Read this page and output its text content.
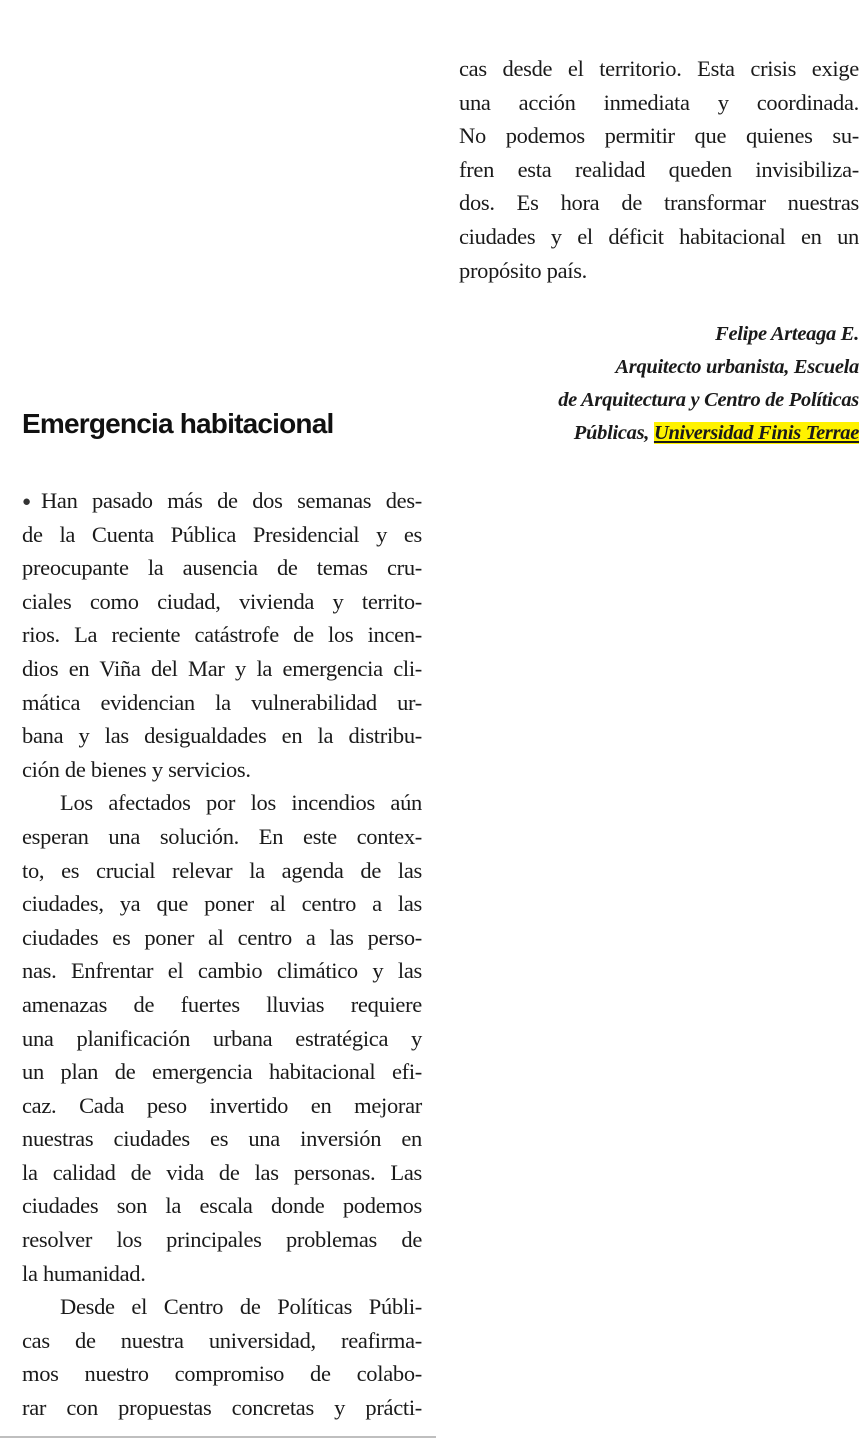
cas desde el territorio. Esta crisis exige
una acción inmediata y coordinada.
No podemos permitir que quienes su-
fren esta realidad queden invisibiliza-
dos. Es hora de transformar nuestras
ciudades y el déficit habitacional en un
propósito país.
Felipe Arteaga E.
Arquitecto urbanista, Escuela
de Arquitectura y Centro de Políticas
Públicas, Universidad Finis Terrae
Emergencia habitacional
●Han pasado más de dos semanas des-
de la Cuenta Pública Presidencial y es
preocupante la ausencia de temas cru-
ciales como ciudad, vivienda y territo-
rios. La reciente catástrofe de los incen-
dios en Viña del Mar y la emergencia cli-
mática evidencian la vulnerabilidad ur-
bana y las desigualdades en la distribu-
ción de bienes y servicios.
Los afectados por los incendios aún
esperan una solución. En este contex-
to, es crucial relevar la agenda de las
ciudades, ya que poner al centro a las
ciudades es poner al centro a las perso-
nas. Enfrentar el cambio climático y las
amenazas de fuertes lluvias requiere
una planificación urbana estratégica y
un plan de emergencia habitacional efi-
caz. Cada peso invertido en mejorar
nuestras ciudades es una inversión en
la calidad de vida de las personas. Las
ciudades son la escala donde podemos
resolver los principales problemas de
la humanidad.
Desde el Centro de Políticas Públi-
cas de nuestra universidad, reafirma-
mos nuestro compromiso de colabo-
rar con propuestas concretas y prácti-
